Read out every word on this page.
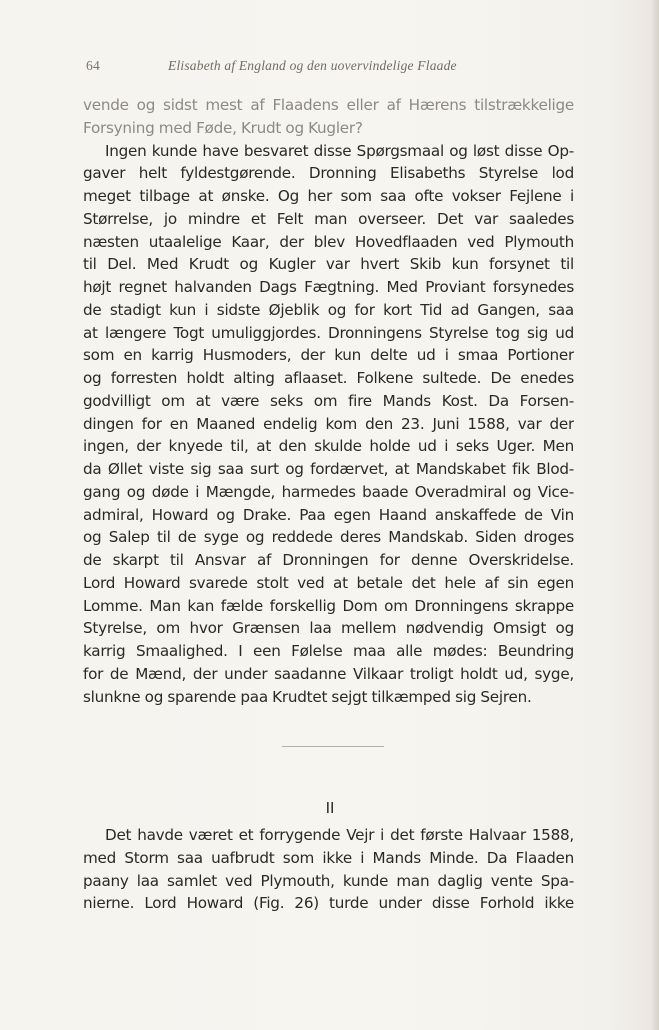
64	Elisabeth af England og den uovervindelige Flaade
vende og sidst mest af Flaadens eller af Hærens tilstrækkelige
Forsyning med Føde, Krudt og Kugler?
Ingen kunde have besvaret disse Spørgsmaal og løst disse Op-
gaver helt fyldestgørende. Dronning Elisabeths Styrelse lod
meget tilbage at ønske. Og her som saa ofte vokser Fejlene i
Størrelse, jo mindre et Felt man overseer. Det var saaledes
næsten utaalelige Kaar, der blev Hovedflaaden ved Plymouth
til Del. Med Krudt og Kugler var hvert Skib kun forsynet til
højt regnet halvanden Dags Fægtning. Med Proviant forsynedes
de stadigt kun i sidste Øjeblik og for kort Tid ad Gangen, saa
at længere Togt umuliggjordes. Dronningens Styrelse tog sig ud
som en karrig Husmoders, der kun delte ud i smaa Portioner
og forresten holdt alting aflaaset. Folkene sultede. De enedes
godvilligt om at være seks om fire Mands Kost. Da Forsen-
dingen for en Maaned endelig kom den 23. Juni 1588, var der
ingen, der knyede til, at den skulde holde ud i seks Uger. Men
da Øllet viste sig saa surt og fordærvet, at Mandskabet fik Blod-
gang og døde i Mængde, harmedes baade Overadmiral og Vice-
admiral, Howard og Drake. Paa egen Haand anskaffede de Vin
og Salep til de syge og reddede deres Mandskab. Siden droges
de skarpt til Ansvar af Dronningen for denne Overskridelse.
Lord Howard svarede stolt ved at betale det hele af sin egen
Lomme. Man kan fælde forskellig Dom om Dronningens skrappe
Styrelse, om hvor Grænsen laa mellem nødvendig Omsigt og
karrig Smaalighed. I een Følelse maa alle mødes: Beundring
for de Mænd, der under saadanne Vilkaar troligt holdt ud, syge,
slunkne og sparende paa Krudtet sejgt tilkæmped sig Sejren.
II
Det havde været et forrygende Vejr i det første Halvaar 1588,
med Storm saa uafbrudt som ikke i Mands Minde. Da Flaaden
paany laa samlet ved Plymouth, kunde man daglig vente Spa-
nierne. Lord Howard (Fig. 26) turde under disse Forhold ikke
